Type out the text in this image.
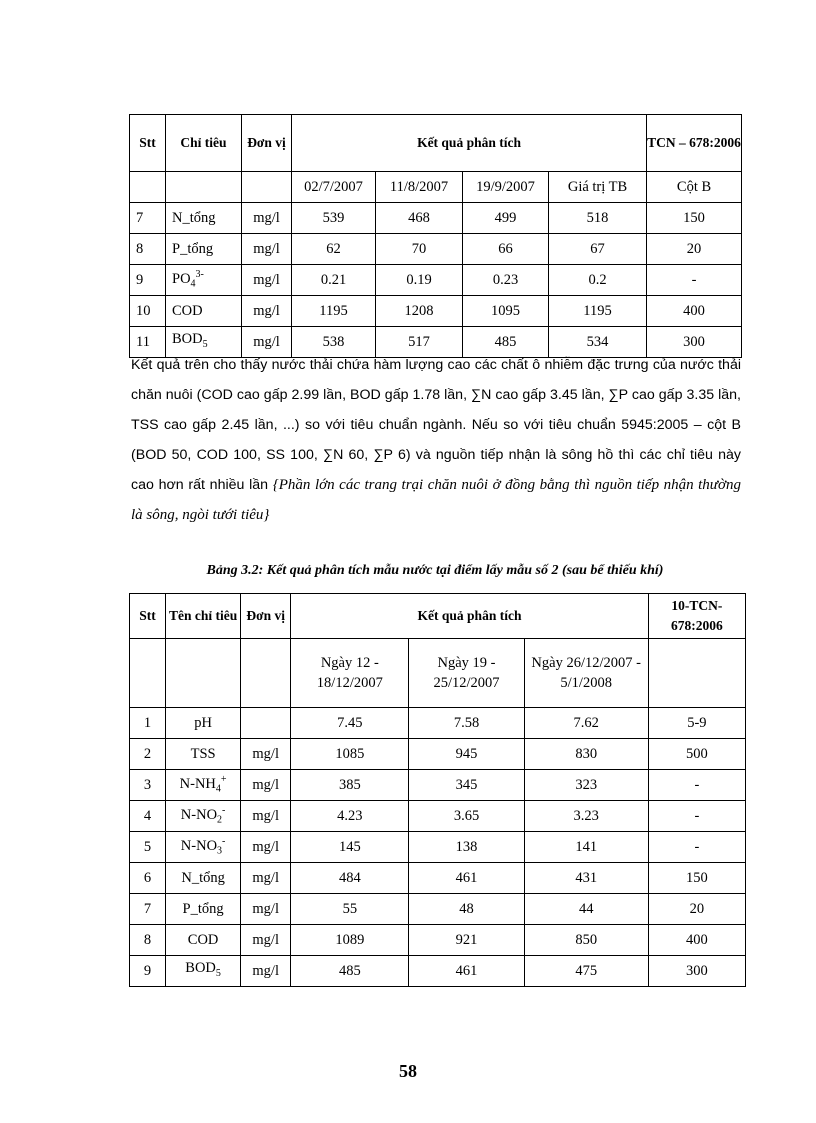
Stt	Chỉ tiêu	Đơn vị	Kết quả phân tích				TCN – 678:2006
			02/7/2007	11/8/2007	19/9/2007	Giá trị TB	Cột B
7	N_tổng	mg/l	539	468	499	518	150
8	P_tổng	mg/l	62	70	66	67	20
9	$PO_4^{3-}$	mg/l	0.21	0.19	0.23	0.2	-
10	COD	mg/l	1195	1208	1095	1195	400
11	$BOD_5$	mg/l	538	517	485	534	300
Kết quả trên cho thấy nước thải chứa hàm lượng cao các chất ô nhiễm đặc trưng của nước thải chăn nuôi (COD cao gấp 2.99 lần, BOD gấp 1.78 lần, ∑N cao gấp 3.45 lần, ∑P cao gấp 3.35 lần, TSS cao gấp 2.45 lần, ...) so với tiêu chuẩn ngành. Nếu so với tiêu chuẩn 5945:2005 – cột B (BOD 50, COD 100, SS 100, ∑N 60, ∑P 6) và nguồn tiếp nhận là sông hồ thì các chỉ tiêu này cao hơn rất nhiều lần {Phần lớn các trang trại chăn nuôi ở đồng bằng thì nguồn tiếp nhận thường là sông, ngòi tưới tiêu}
Bảng 3.2: Kết quả phân tích mẫu nước tại điểm lấy mẫu số 2 (sau bể thiếu khí)
Stt	Tên chỉ tiêu	Đơn vị	Kết quả phân tích			10-TCN-678:2006
			Ngày 12 - 18/12/2007	Ngày 19 - 25/12/2007	Ngày 26/12/2007 - 5/1/2008	
1	pH		7.45	7.58	7.62	5-9
2	TSS	mg/l	1085	945	830	500
3	$N-NH_4^+$	mg/l	385	345	323	-
4	$N-NO_2^-$	mg/l	4.23	3.65	3.23	-
5	$N-NO_3^-$	mg/l	145	138	141	-
6	N_tổng	mg/l	484	461	431	150
7	P_tổng	mg/l	55	48	44	20
8	COD	mg/l	1089	921	850	400
9	$BOD_5$	mg/l	485	461	475	300
58
